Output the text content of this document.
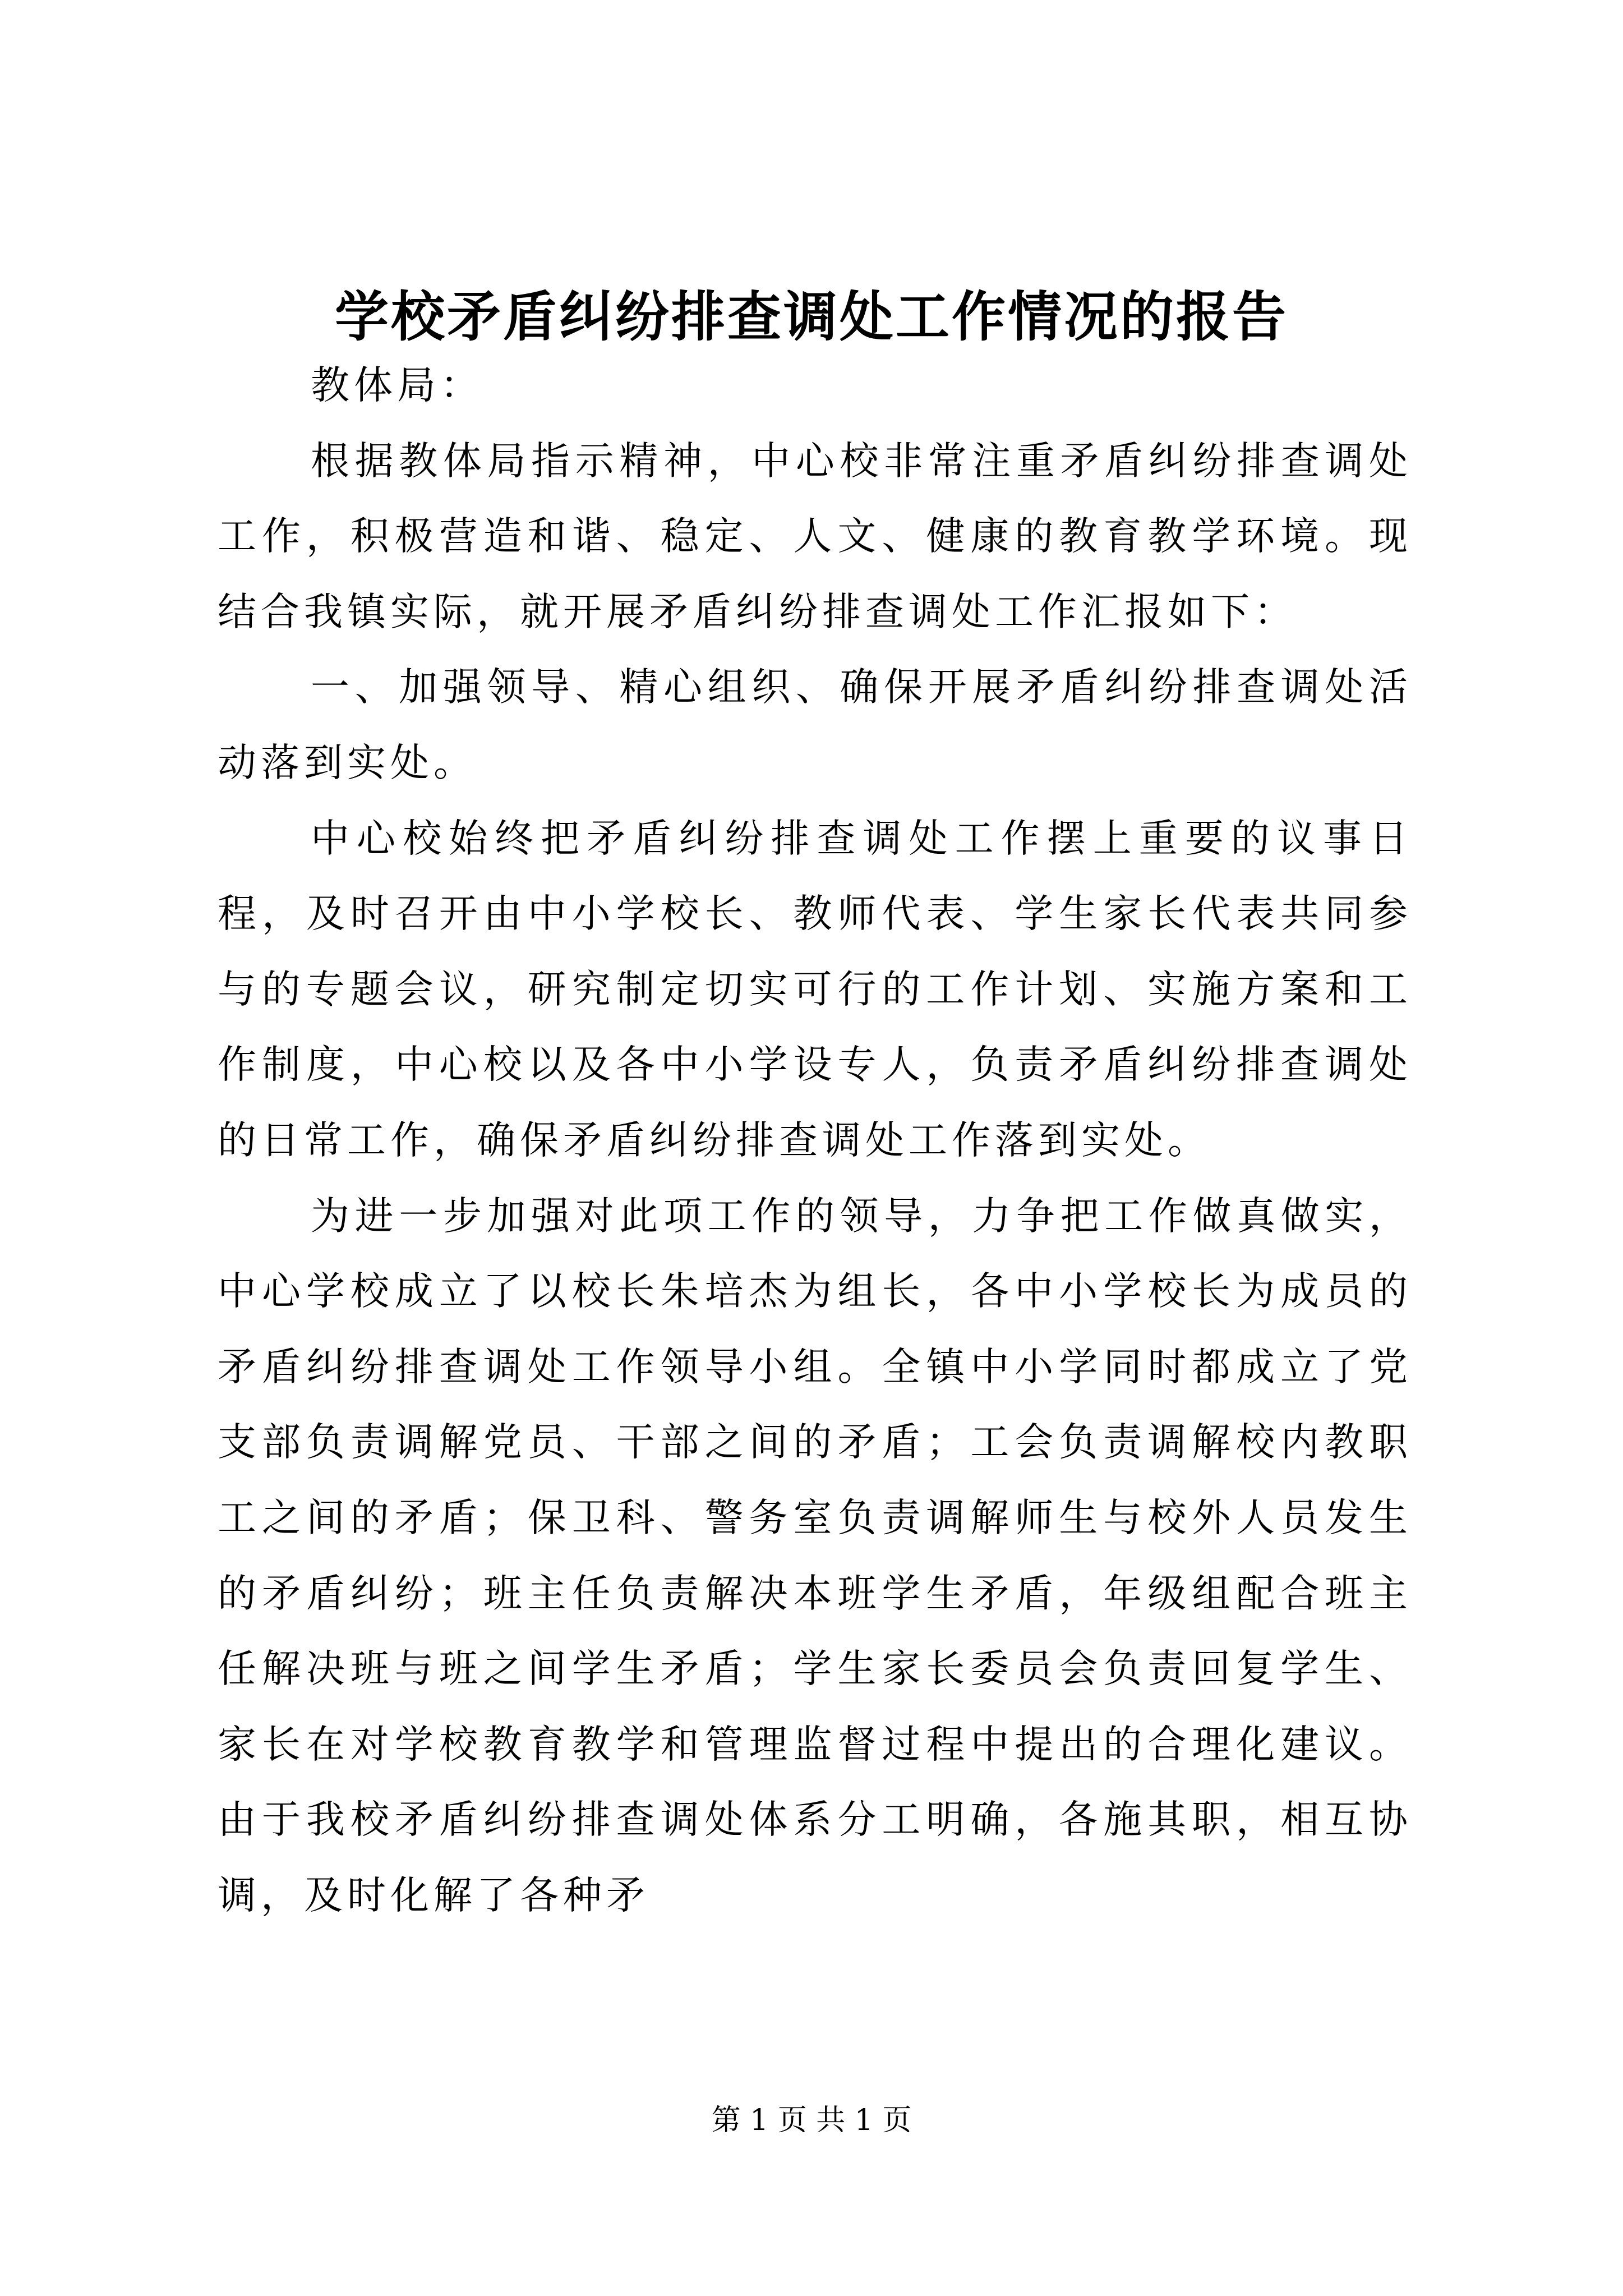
学校矛盾纠纷排查调处工作情况的报告

教体局：

根据教体局指示精神，中心校非常注重矛盾纠纷排查调处工作，积极营造和谐、稳定、人文、健康的教育教学环境。现结合我镇实际，就开展矛盾纠纷排查调处工作汇报如下：

一、加强领导、精心组织、确保开展矛盾纠纷排查调处活动落到实处。

中心校始终把矛盾纠纷排查调处工作摆上重要的议事日程，及时召开由中小学校长、教师代表、学生家长代表共同参与的专题会议，研究制定切实可行的工作计划、实施方案和工作制度，中心校以及各中小学设专人，负责矛盾纠纷排查调处的日常工作，确保矛盾纠纷排查调处工作落到实处。

为进一步加强对此项工作的领导，力争把工作做真做实，中心学校成立了以校长朱培杰为组长，各中小学校长为成员的矛盾纠纷排查调处工作领导小组。全镇中小学同时都成立了党支部负责调解党员、干部之间的矛盾；工会负责调解校内教职工之间的矛盾；保卫科、警务室负责调解师生与校外人员发生的矛盾纠纷；班主任负责解决本班学生矛盾，年级组配合班主任解决班与班之间学生矛盾；学生家长委员会负责回复学生、家长在对学校教育教学和管理监督过程中提出的合理化建议。由于我校矛盾纠纷排查调处体系分工明确，各施其职，相互协调，及时化解了各种矛

第 1 页 共 1 页
